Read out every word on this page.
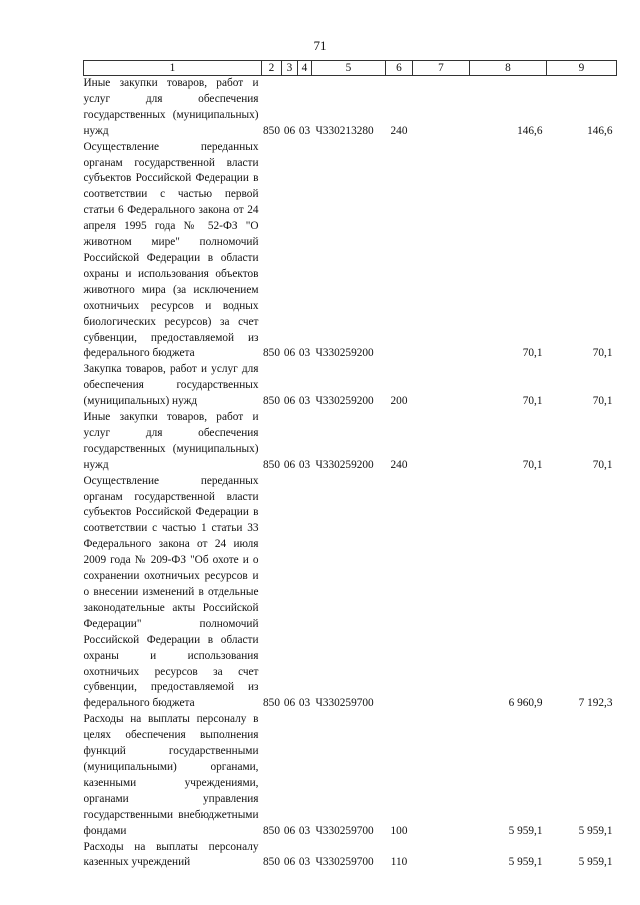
71
1	2	3	4	5	6	7	8	9
Иные закупки товаров, работ и услуг для обеспечения государственных (муниципальных) нужд	850	06	03	Ч330213280	240		146,6	146,6
Осуществление переданных органам государственной власти субъектов Российской Федерации в соответствии с частью первой статьи 6 Федерального закона от 24 апреля 1995 года № 52-ФЗ "О животном мире" полномочий Российской Федерации в области охраны и использования объектов животного мира (за исключением охотничьих ресурсов и водных биологических ресурсов) за счет субвенции, предоставляемой из федерального бюджета	850	06	03	Ч330259200			70,1	70,1
Закупка товаров, работ и услуг для обеспечения государственных (муниципальных) нужд	850	06	03	Ч330259200	200		70,1	70,1
Иные закупки товаров, работ и услуг для обеспечения государственных (муниципальных) нужд	850	06	03	Ч330259200	240		70,1	70,1
Осуществление переданных органам государственной власти субъектов Российской Федерации в соответствии с частью 1 статьи 33 Федерального закона от 24 июля 2009 года № 209-ФЗ "Об охоте и о сохранении охотничьих ресурсов и о внесении изменений в отдельные законодательные акты Российской Федерации" полномочий Российской Федерации в области охраны и использования охотничьих ресурсов за счет субвенции, предоставляемой из федерального бюджета	850	06	03	Ч330259700			6 960,9	7 192,3
Расходы на выплаты персоналу в целях обеспечения выполнения функций государственными (муниципальными) органами, казенными учреждениями, органами управления государственными внебюджетными фондами	850	06	03	Ч330259700	100		5 959,1	5 959,1
Расходы на выплаты персоналу казенных учреждений	850	06	03	Ч330259700	110		5 959,1	5 959,1
